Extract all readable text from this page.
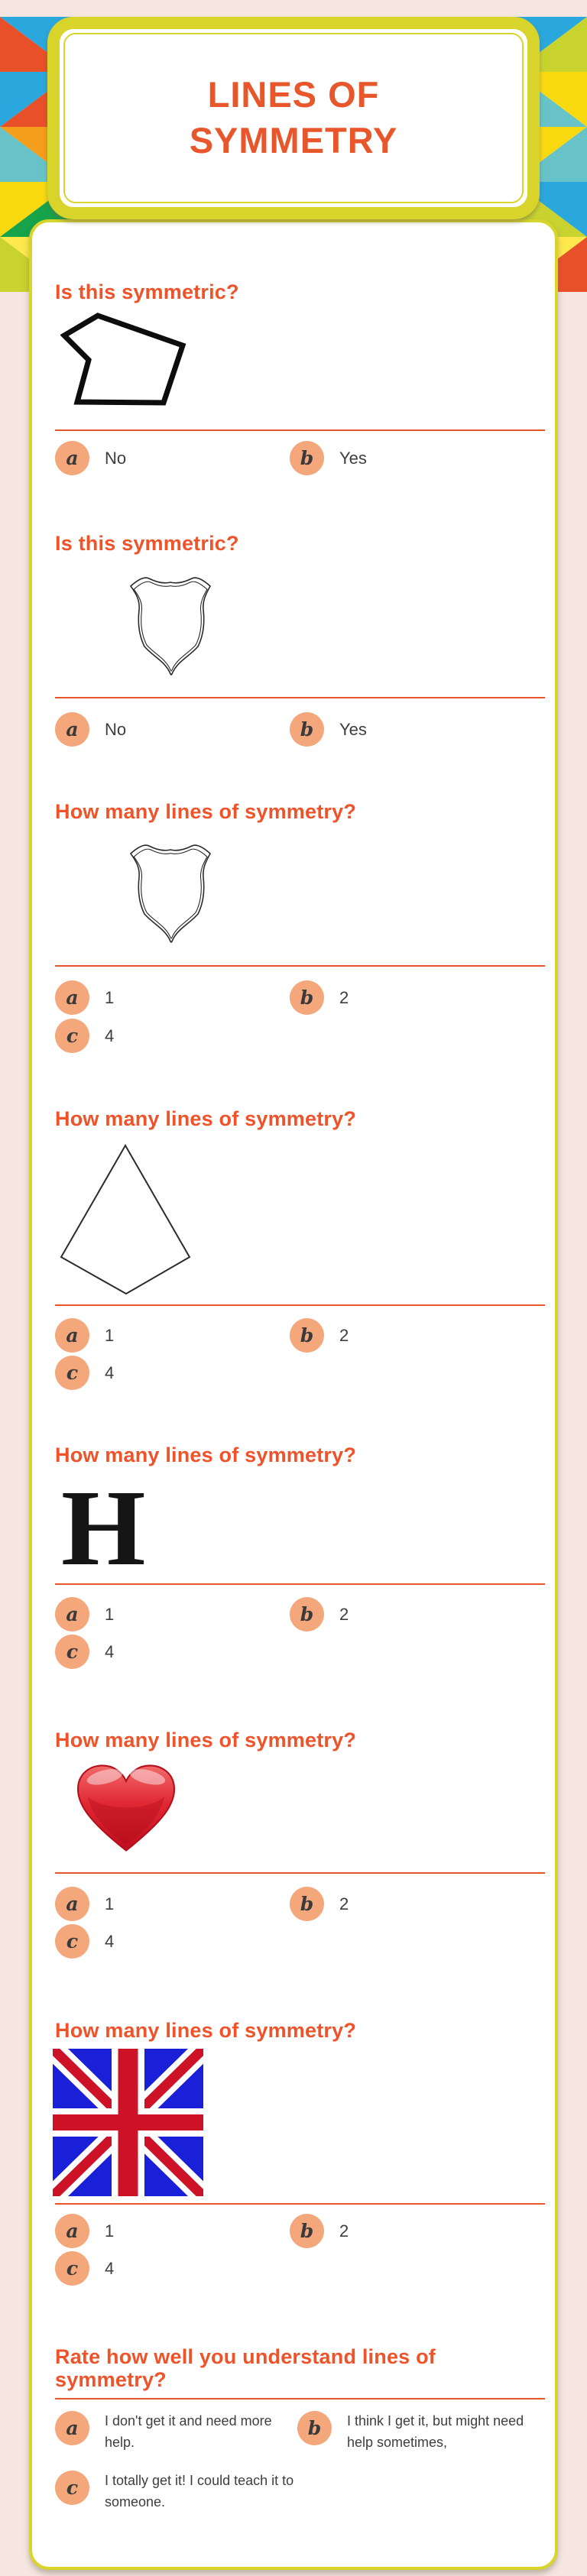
LINES OF
SYMMETRY
Is this symmetric?
a No	b Yes
Is this symmetric?
a No	b Yes
How many lines of symmetry?
a 1	b 2
c 4
How many lines of symmetry?
a 1	b 2
c 4
How many lines of symmetry?
H
a 1	b 2
c 4
How many lines of symmetry?
a 1	b 2
c 4
How many lines of symmetry?
a 1	b 2
c 4
Rate how well you understand lines of symmetry?
a I don't get it and need more help.
b I think I get it, but might need help sometimes,
c I totally get it! I could teach it to someone.
